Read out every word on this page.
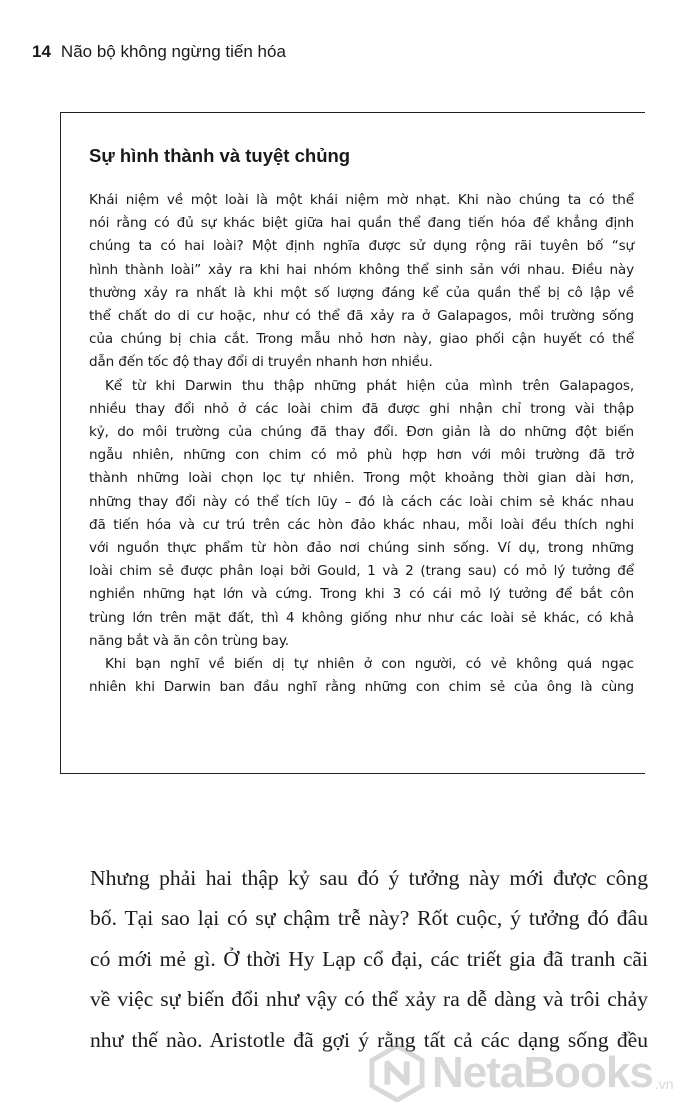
14 Não bộ không ngừng tiến hóa
Sự hình thành và tuyệt chủng
Khái niệm về một loài là một khái niệm mờ nhạt. Khi nào chúng ta có thể
nói rằng có đủ sự khác biệt giữa hai quần thể đang tiến hóa để khẳng định
chúng ta có hai loài? Một định nghĩa được sử dụng rộng rãi tuyên bố “sự
hình thành loài” xảy ra khi hai nhóm không thể sinh sản với nhau. Điều này
thường xảy ra nhất là khi một số lượng đáng kể của quần thể bị cô lập về
thể chất do di cư hoặc, như có thể đã xảy ra ở Galapagos, môi trường sống
của chúng bị chia cắt. Trong mẫu nhỏ hơn này, giao phối cận huyết có thể
dẫn đến tốc độ thay đổi di truyền nhanh hơn nhiều.
Kể từ khi Darwin thu thập những phát hiện của mình trên Galapagos,
nhiều thay đổi nhỏ ở các loài chim đã được ghi nhận chỉ trong vài thập
kỷ, do môi trường của chúng đã thay đổi. Đơn giản là do những đột biến
ngẫu nhiên, những con chim có mỏ phù hợp hơn với môi trường đã trở
thành những loài chọn lọc tự nhiên. Trong một khoảng thời gian dài hơn,
những thay đổi này có thể tích lũy – đó là cách các loài chim sẻ khác nhau
đã tiến hóa và cư trú trên các hòn đảo khác nhau, mỗi loài đều thích nghi
với nguồn thực phẩm từ hòn đảo nơi chúng sinh sống. Ví dụ, trong những
loài chim sẻ được phân loại bởi Gould, 1 và 2 (trang sau) có mỏ lý tưởng để
nghiền những hạt lớn và cứng. Trong khi 3 có cái mỏ lý tưởng để bắt côn
trùng lớn trên mặt đất, thì 4 không giống như như các loài sẻ khác, có khả
năng bắt và ăn côn trùng bay.
Khi bạn nghĩ về biến dị tự nhiên ở con người, có vẻ không quá ngạc
nhiên khi Darwin ban đầu nghĩ rằng những con chim sẻ của ông là cùng
Nhưng phải hai thập kỷ sau đó ý tưởng này mới được công
bố. Tại sao lại có sự chậm trễ này? Rốt cuộc, ý tưởng đó đâu
có mới mẻ gì. Ở thời Hy Lạp cổ đại, các triết gia đã tranh cãi
về việc sự biến đổi như vậy có thể xảy ra dễ dàng và trôi chảy
như thế nào. Aristotle đã gợi ý rằng tất cả các dạng sống đều
NetaBooks .vn
